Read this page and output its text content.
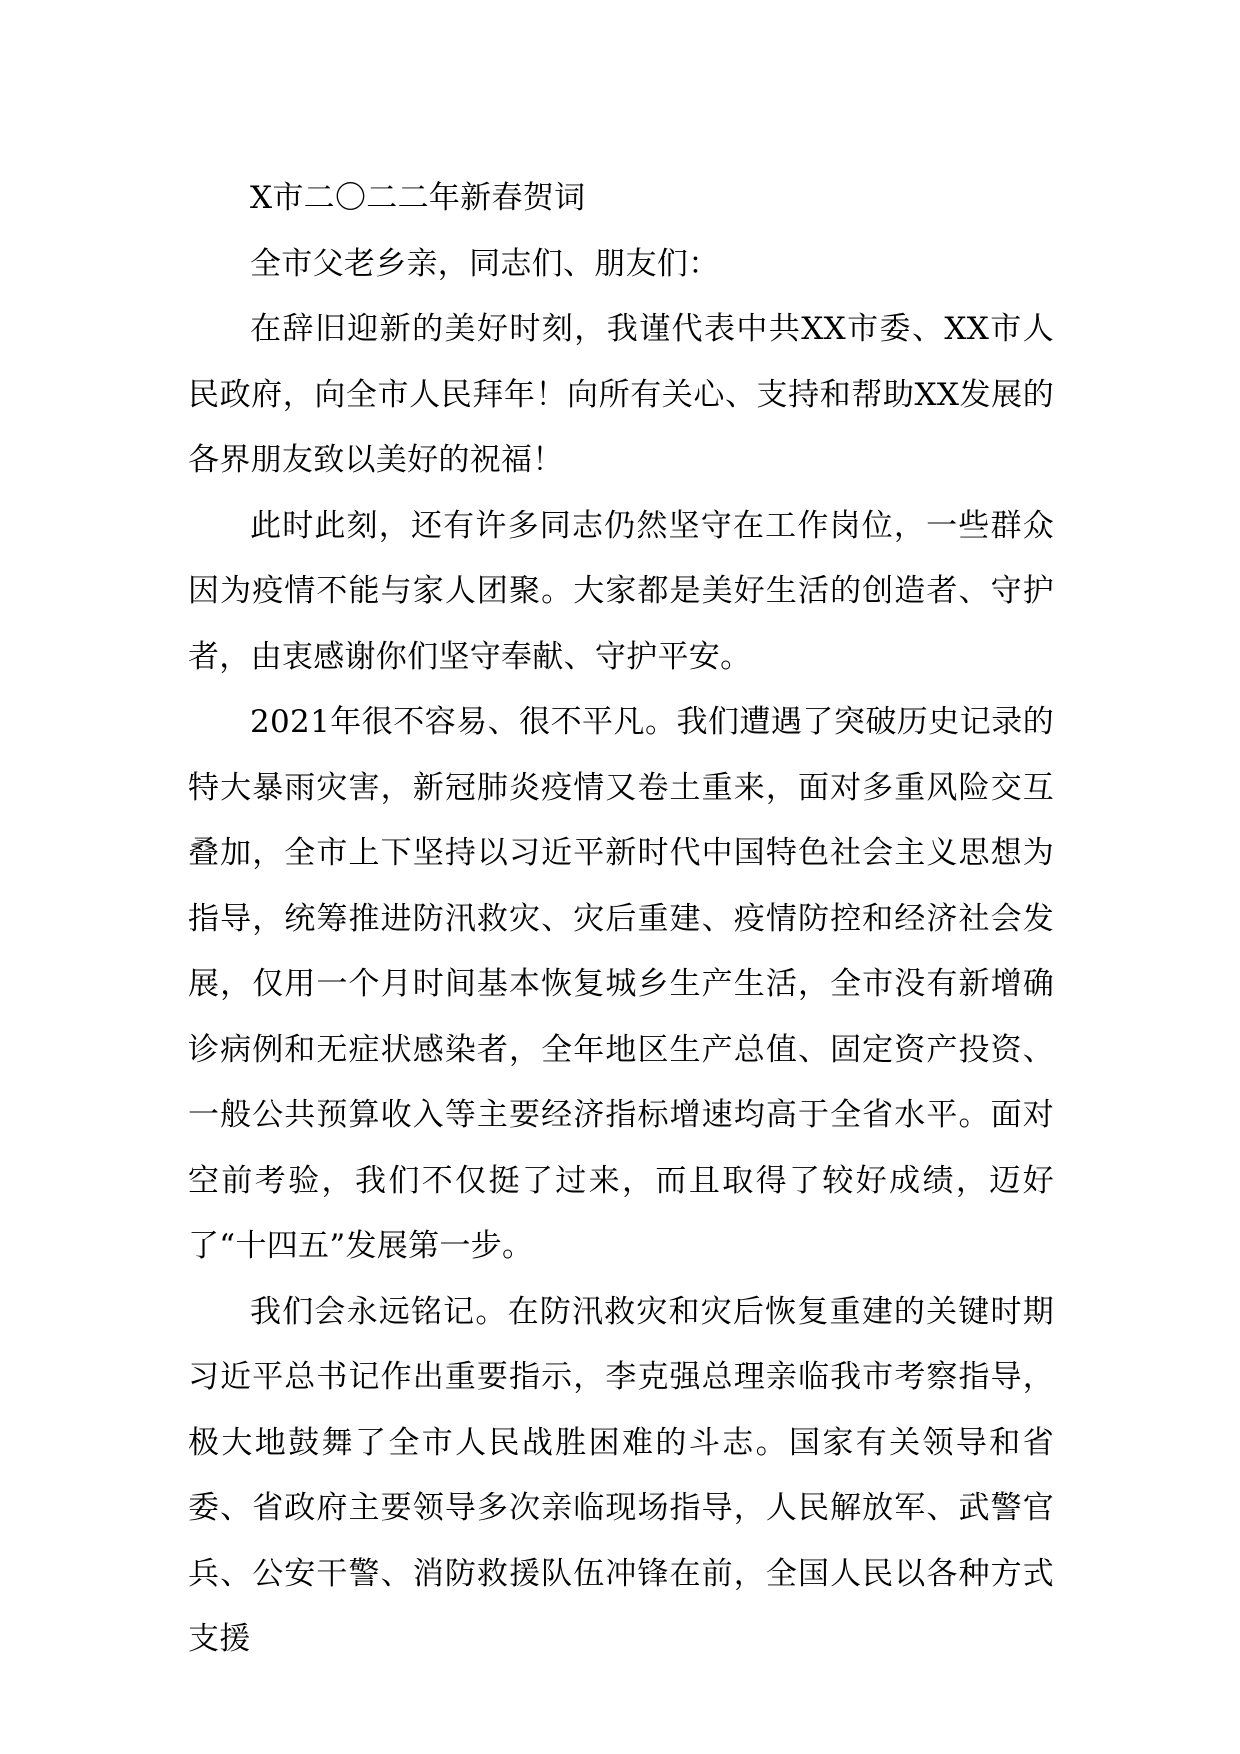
X市二〇二二年新春贺词

全市父老乡亲，同志们、朋友们：

在辞旧迎新的美好时刻，我谨代表中共XX市委、XX市人民政府，向全市人民拜年！向所有关心、支持和帮助XX发展的各界朋友致以美好的祝福！

此时此刻，还有许多同志仍然坚守在工作岗位，一些群众因为疫情不能与家人团聚。大家都是美好生活的创造者、守护者，由衷感谢你们坚守奉献、守护平安。

2021年很不容易、很不平凡。我们遭遇了突破历史记录的特大暴雨灾害，新冠肺炎疫情又卷土重来，面对多重风险交互叠加，全市上下坚持以习近平新时代中国特色社会主义思想为指导，统筹推进防汛救灾、灾后重建、疫情防控和经济社会发展，仅用一个月时间基本恢复城乡生产生活，全市没有新增确诊病例和无症状感染者，全年地区生产总值、固定资产投资、一般公共预算收入等主要经济指标增速均高于全省水平。面对空前考验，我们不仅挺了过来，而且取得了较好成绩，迈好了“十四五”发展第一步。

我们会永远铭记。在防汛救灾和灾后恢复重建的关键时期习近平总书记作出重要指示，李克强总理亲临我市考察指导，极大地鼓舞了全市人民战胜困难的斗志。国家有关领导和省委、省政府主要领导多次亲临现场指导，人民解放军、武警官兵、公安干警、消防救援队伍冲锋在前，全国人民以各种方式支援
